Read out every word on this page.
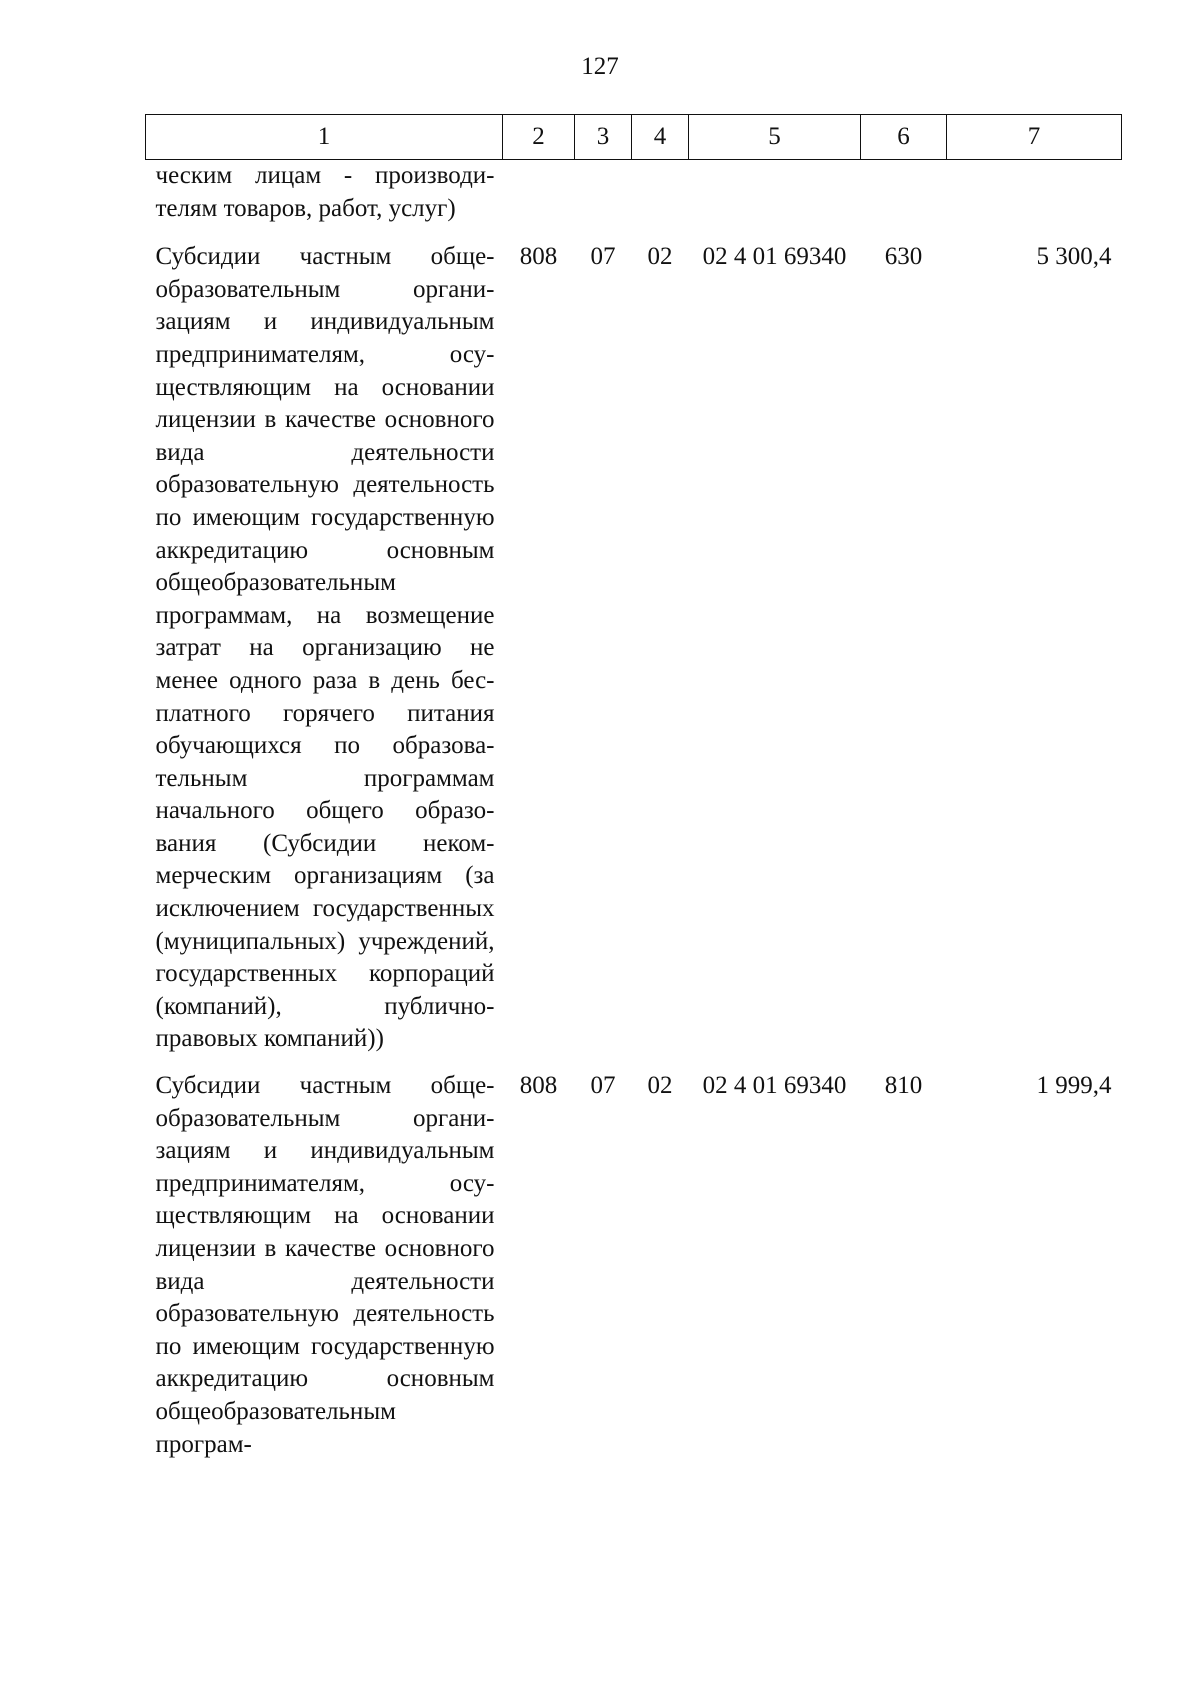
127
1	2	3	4	5	6	7
ческим лицам - производителям товаров, работ, услуг)						
Субсидии частным общеобразовательным организациям и индивидуальным предпринимателям, осуществляющим на основании лицензии в качестве основного вида деятельности образовательную деятельность по имеющим государственную аккредитацию основным общеобразовательным программам, на возмещение затрат на организацию не менее одного раза в день бесплатного горячего питания обучающихся по образовательным программам начального общего образования (Субсидии некоммерческим организациям (за исключением государственных (муниципальных) учреждений, государственных корпораций (компаний), публично-правовых компаний))	808	07	02	02 4 01 69340	630	5 300,4
Субсидии частным общеобразовательным организациям и индивидуальным предпринимателям, осуществляющим на основании лицензии в качестве основного вида деятельности образовательную деятельность по имеющим государственную аккредитацию основным общеобразовательным програм-	808	07	02	02 4 01 69340	810	1 999,4
